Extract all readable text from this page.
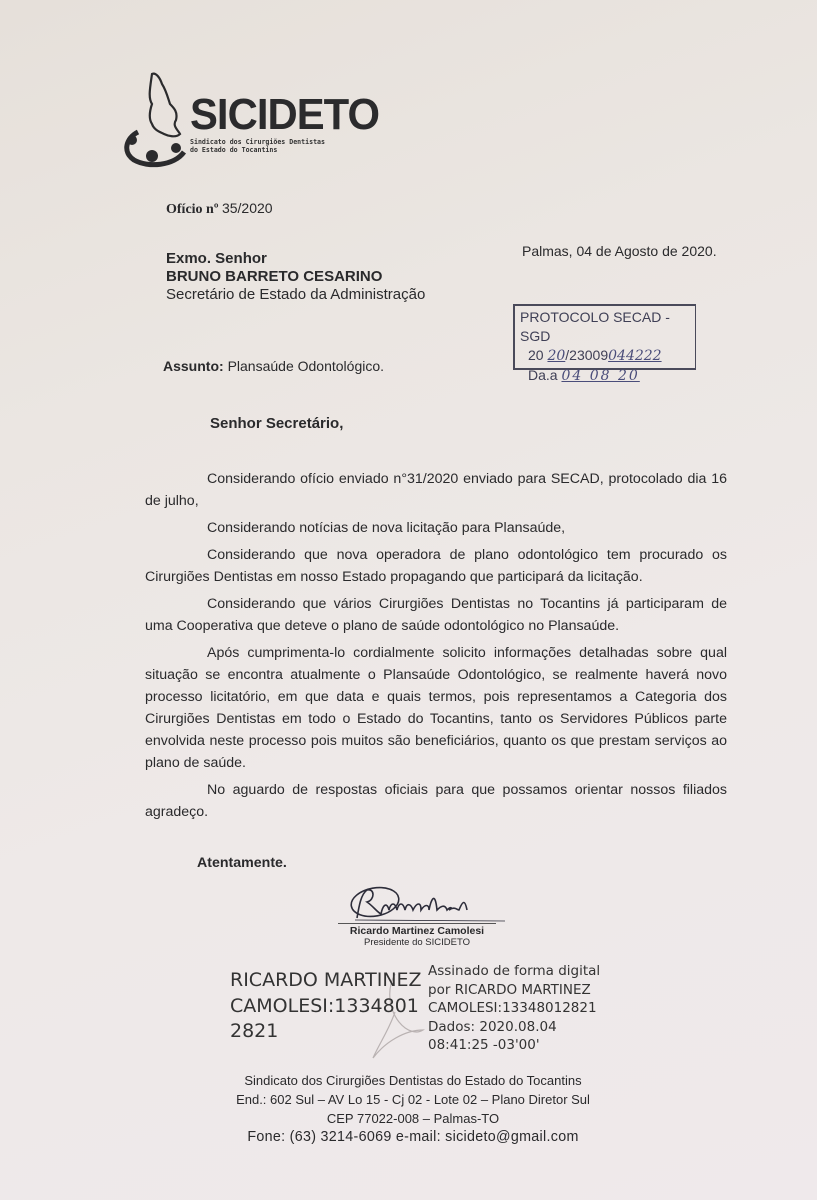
SICIDETO
Sindicato dos Cirurgiões Dentistas
do Estado do Tocantins
Ofício nº 35/2020
Exmo. Senhor
BRUNO BARRETO CESARINO
Secretário de Estado da Administração
Palmas, 04 de Agosto de 2020.
PROTOCOLO SECAD - SGD
20 20/23009044222
Da.a 04 08 20
Assunto: Plansaúde Odontológico.
Senhor Secretário,

Considerando ofício enviado n°31/2020 enviado para SECAD, protocolado dia 16 de julho,

Considerando notícias de nova licitação para Plansaúde,

Considerando que nova operadora de plano odontológico tem procurado os Cirurgiões Dentistas em nosso Estado propagando que participará da licitação.

Considerando que vários Cirurgiões Dentistas no Tocantins já participaram de uma Cooperativa que deteve o plano de saúde odontológico no Plansaúde.

Após cumprimenta-lo cordialmente solicito informações detalhadas sobre qual situação se encontra atualmente o Plansaúde Odontológico, se realmente haverá novo processo licitatório, em que data e quais termos, pois representamos a Categoria dos Cirurgiões Dentistas em todo o Estado do Tocantins, tanto os Servidores Públicos parte envolvida neste processo pois muitos são beneficiários, quanto os que prestam serviços ao plano de saúde.

No aguardo de respostas oficiais para que possamos orientar nossos filiados agradeço.

Atentamente.
Ricardo Martinez Camolesi
Presidente do SICIDETO
RICARDO MARTINEZ
CAMOLESI:1334801
2821
Assinado de forma digital
por RICARDO MARTINEZ
CAMOLESI:13348012821
Dados: 2020.08.04
08:41:25 -03'00'
Sindicato dos Cirurgiões Dentistas do Estado do Tocantins
End.: 602 Sul – AV Lo 15 - Cj 02 - Lote 02 – Plano Diretor Sul
CEP 77022-008 – Palmas-TO
Fone: (63) 3214-6069 e-mail: sicideto@gmail.com
